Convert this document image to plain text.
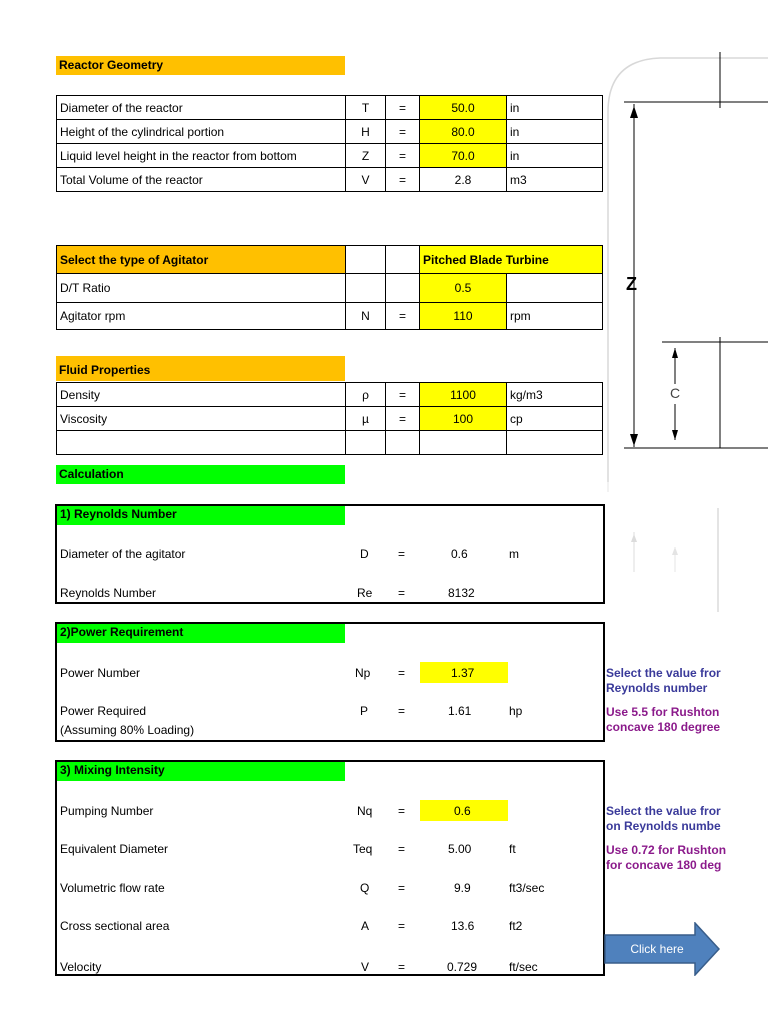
Reactor Geometry
Diameter of the reactor	T	=	50.0	in
Height of the cylindrical portion	H	=	80.0	in
Liquid level height in the reactor from bottom	Z	=	70.0	in
Total Volume of the reactor	V	=	2.8	m3
Select the type of Agitator			Pitched Blade Turbine	
D/T Ratio			0.5	
Agitator rpm	N	=	110	rpm
Fluid Properties
Density	ρ	=	1100	kg/m3
Viscosity	µ	=	100	cp

Calculation
1) Reynolds Number
Diameter of the agitator	D =	0.6	m
Reynolds Number	Re =	8132
2)Power Requirement
Power Number	Np =	1.37
Power Required	P =	1.61	hp
(Assuming 80% Loading)
3) Mixing Intensity
Pumping Number	Nq =	0.6
Equivalent Diameter	Teq =	5.00	ft
Volumetric flow rate	Q =	9.9	ft3/sec
Cross sectional area	A =	13.6	ft2
Velocity	V =	0.729	ft/sec
Select the value fror
Reynolds number
Use 5.5 for Rushton
concave 180 degree
Select the value fror
on Reynolds numbe
Use 0.72 for Rushton
for concave 180 deg
Z
C
Click here
